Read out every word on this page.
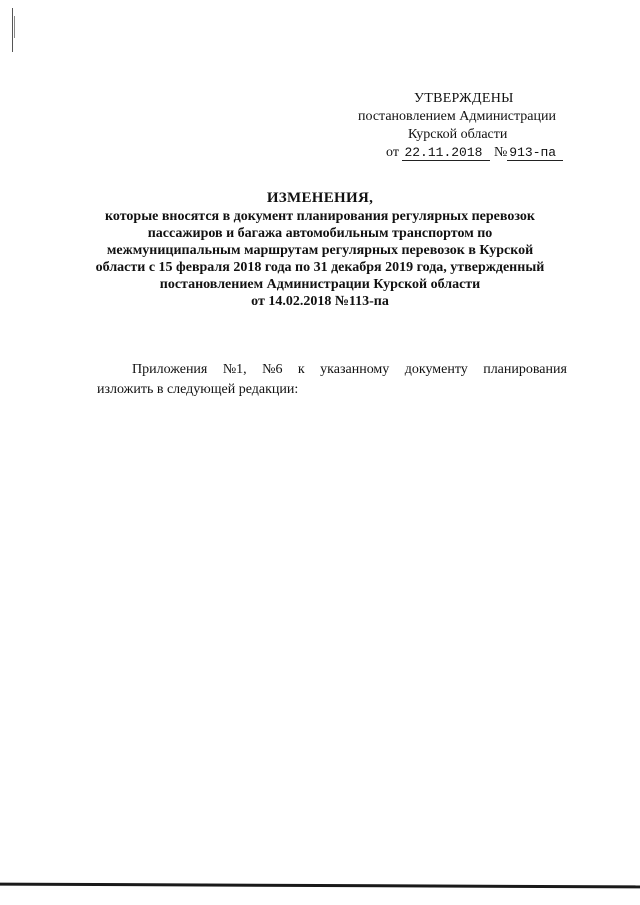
УТВЕРЖДЕНЫ
постановлением Администрации
Курской области
от 22.11.2018 № 913-па
ИЗМЕНЕНИЯ,
которые вносятся в документ планирования регулярных перевозок
пассажиров и багажа автомобильным транспортом по
межмуниципальным маршрутам регулярных перевозок в Курской
области с 15 февраля 2018 года по 31 декабря 2019 года, утвержденный
постановлением Администрации Курской области
от 14.02.2018 №113-па
Приложения №1, №6 к указанному документу планирования
изложить в следующей редакции:
